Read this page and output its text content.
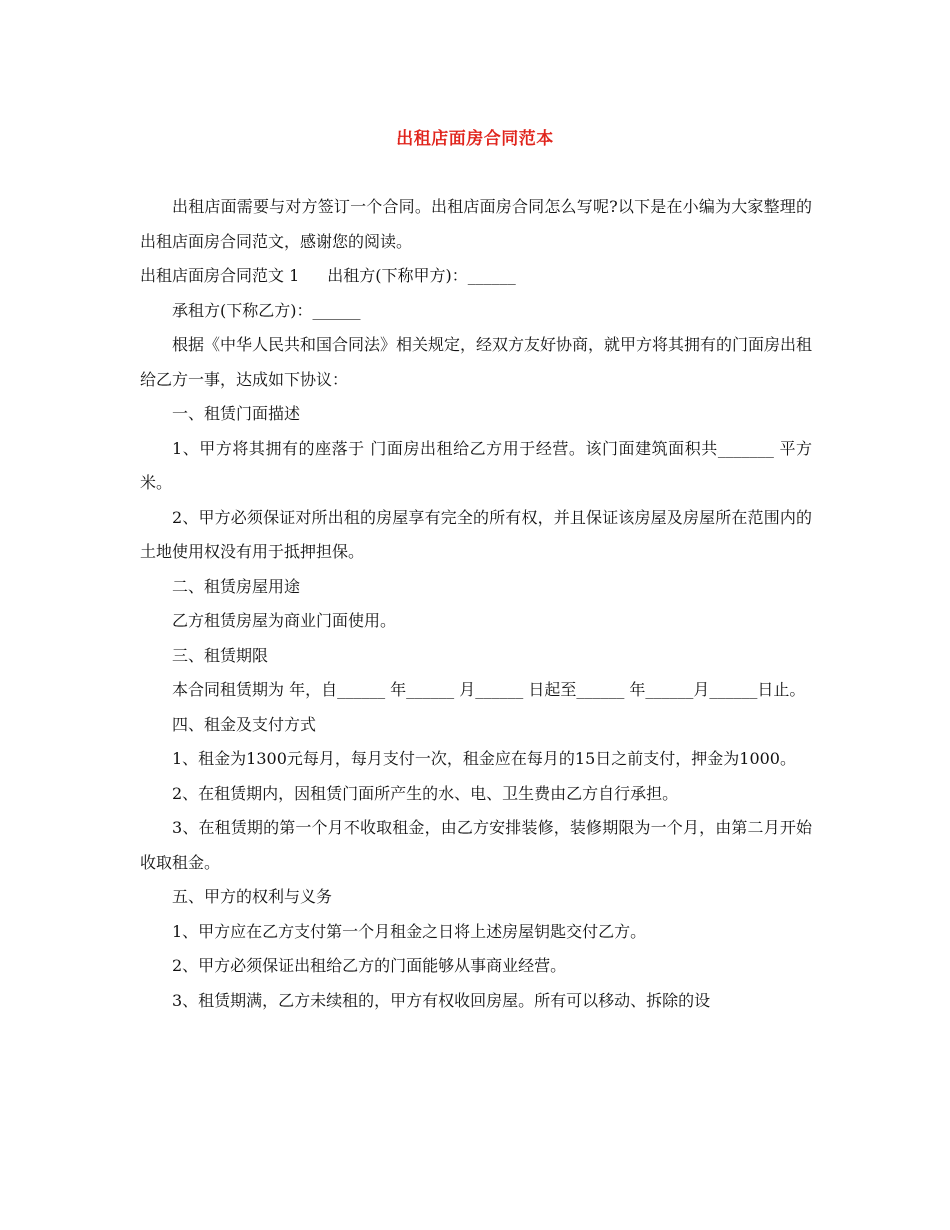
出租店面房合同范本

出租店面需要与对方签订一个合同。出租店面房合同怎么写呢?以下是在小编为大家整理的出租店面房合同范文，感谢您的阅读。

出租店面房合同范文 1 出租方(下称甲方)：______

承租方(下称乙方)：______

根据《中华人民共和国合同法》相关规定，经双方友好协商，就甲方将其拥有的门面房出租给乙方一事，达成如下协议：

一、租赁门面描述

1、甲方将其拥有的座落于 门面房出租给乙方用于经营。该门面建筑面积共_______ 平方米。

2、甲方必须保证对所出租的房屋享有完全的所有权，并且保证该房屋及房屋所在范围内的土地使用权没有用于抵押担保。

二、租赁房屋用途

乙方租赁房屋为商业门面使用。

三、租赁期限

本合同租赁期为 年，自______ 年______ 月______ 日起至______ 年______月______日止。

四、租金及支付方式

1、租金为1300元每月，每月支付一次，租金应在每月的15日之前支付，押金为1000。

2、在租赁期内，因租赁门面所产生的水、电、卫生费由乙方自行承担。

3、在租赁期的第一个月不收取租金，由乙方安排装修，装修期限为一个月，由第二月开始收取租金。

五、甲方的权利与义务

1、甲方应在乙方支付第一个月租金之日将上述房屋钥匙交付乙方。

2、甲方必须保证出租给乙方的门面能够从事商业经营。

3、租赁期满，乙方未续租的，甲方有权收回房屋。所有可以移动、拆除的设
